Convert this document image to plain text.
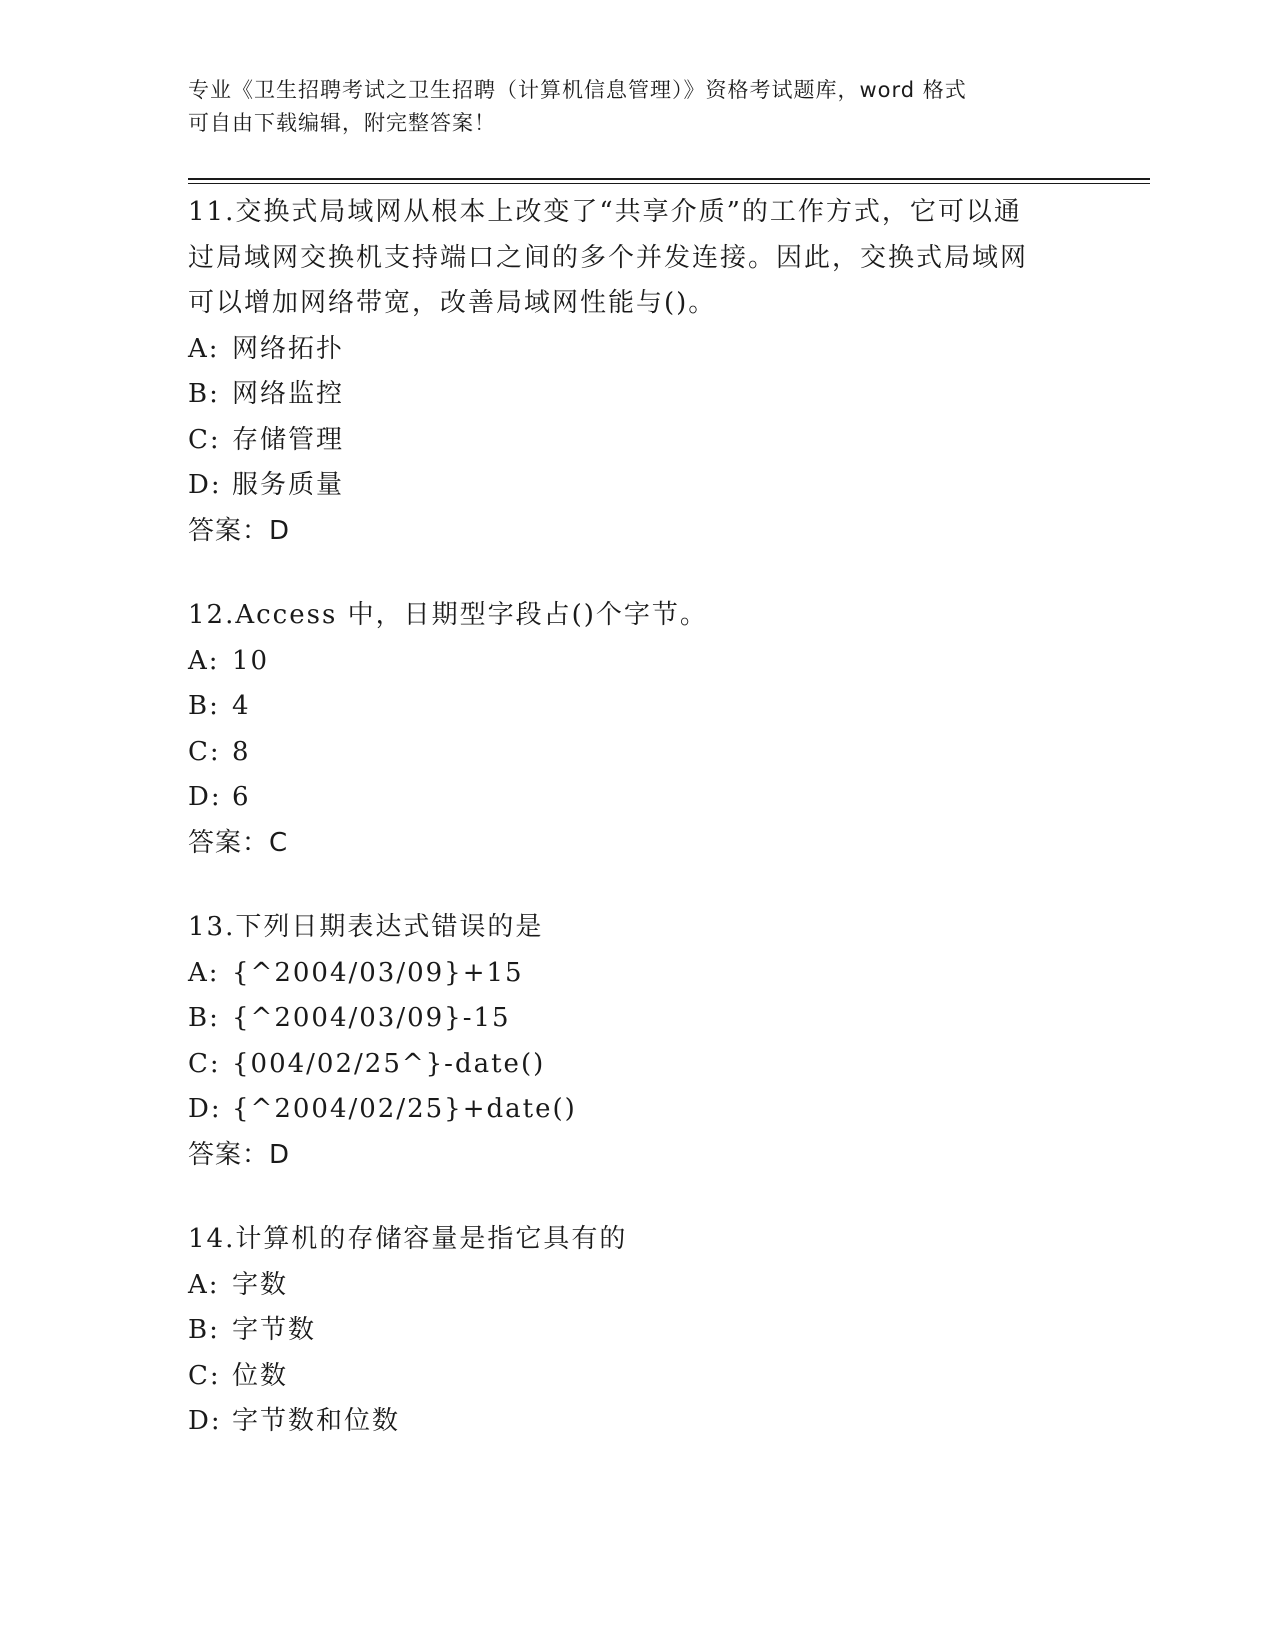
专业《卫生招聘考试之卫生招聘（计算机信息管理）》资格考试题库，word 格式
可自由下载编辑，附完整答案！
11.交换式局域网从根本上改变了“共享介质”的工作方式，它可以通
过局域网交换机支持端口之间的多个并发连接。因此，交换式局域网
可以增加网络带宽，改善局域网性能与()。
A: 网络拓扑
B: 网络监控
C: 存储管理
D: 服务质量
答案：D
12.Access 中，日期型字段占()个字节。
A: 10
B: 4
C: 8
D: 6
答案：C
13.下列日期表达式错误的是
A: {^2004/03/09}+15
B: {^2004/03/09}-15
C: {004/02/25^}-date()
D: {^2004/02/25}+date()
答案：D
14.计算机的存储容量是指它具有的
A: 字数
B: 字节数
C: 位数
D: 字节数和位数
